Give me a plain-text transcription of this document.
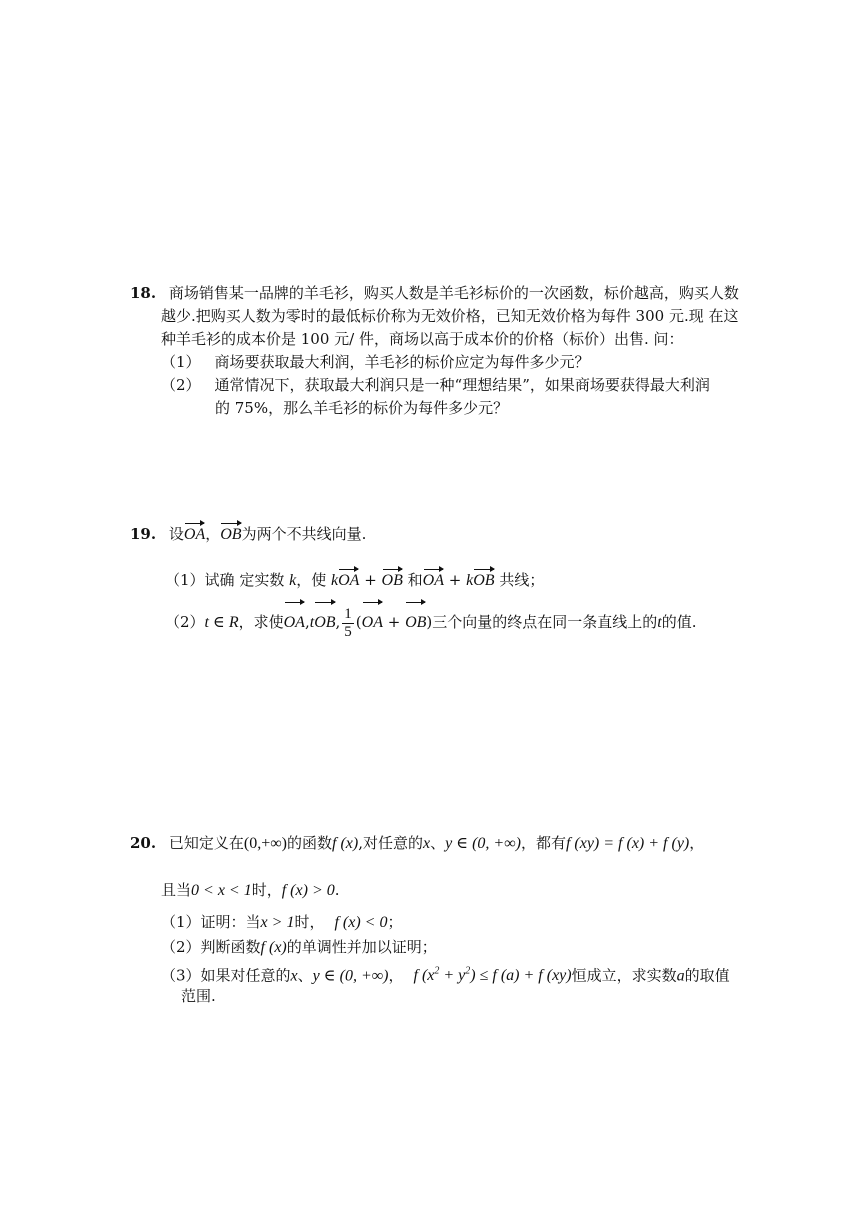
18. 商场销售某一品牌的羊毛衫，购买人数是羊毛衫标价的一次函数，标价越高，购买人数
越少.把购买人数为零时的最低标价称为无效价格，已知无效价格为每件 300 元.现 在这
种羊毛衫的成本价是 100 元/ 件，商场以高于成本价的价格（标价）出售. 问：
（1） 商场要获取最大利润，羊毛衫的标价应定为每件多少元？
（2） 通常情况下，获取最大利润只是一种“理想结果”，如果商场要获得最大利润
的 75%，那么羊毛衫的标价为每件多少元？
19. 设OA，OB为两个不共线向量.
（1）试确 定实数 k，使 kOA + OB 和OA + kOB 共线；
（2）t ∈ R，求使OA,tOB, $\frac{1}{5} (OA + OB)$三个向量的终点在同一条直线上的t的值.
20. 已知定义在(0,+∞)的函数f (x),对任意的x、y ∈ (0, +∞)，都有f (xy) = f (x) + f (y)，
且当0 < x < 1时，f (x) > 0.
（1）证明：当x > 1时， f (x) < 0；
（2）判断函数f (x)的单调性并加以证明；
（3）如果对任意的x、y ∈ (0, +∞)， f $(x^2 + y^2) \le f$ (a) + f (xy)恒成立，求实数a的取值
范围.
